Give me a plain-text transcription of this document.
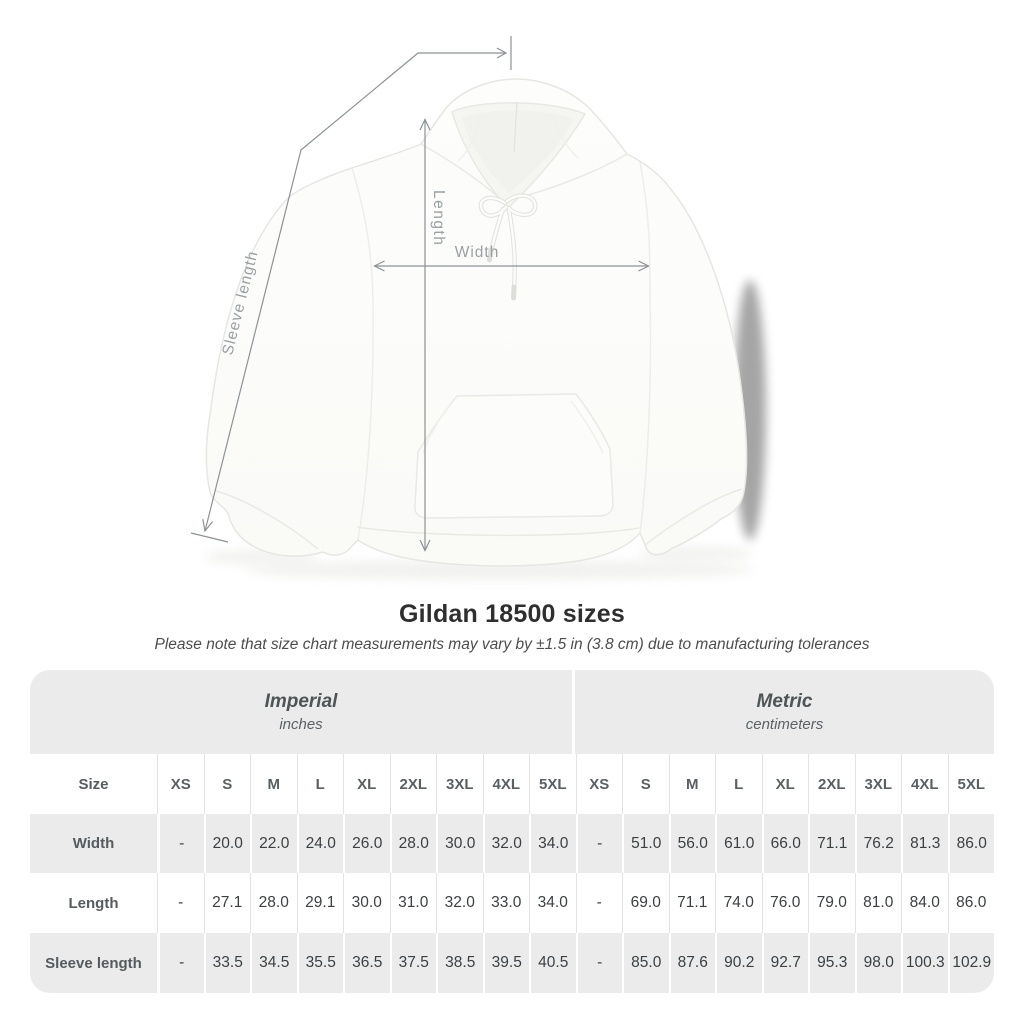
Sleeve length
Length
Width
Gildan 18500 sizes
Please note that size chart measurements may vary by ±1.5 in (3.8 cm) due to manufacturing tolerances
Imperial
inches
Metric
centimeters
Size	XS	S	M	L	XL	2XL	3XL	4XL	5XL	XS	S	M	L	XL	2XL	3XL	4XL	5XL
Width	-	20.0	22.0	24.0	26.0	28.0	30.0	32.0	34.0	-	51.0	56.0	61.0	66.0	71.1	76.2	81.3	86.0
Length	-	27.1	28.0	29.1	30.0	31.0	32.0	33.0	34.0	-	69.0	71.1	74.0	76.0	79.0	81.0	84.0	86.0
Sleeve length	-	33.5	34.5	35.5	36.5	37.5	38.5	39.5	40.5	-	85.0	87.6	90.2	92.7	95.3	98.0	100.3	102.9
